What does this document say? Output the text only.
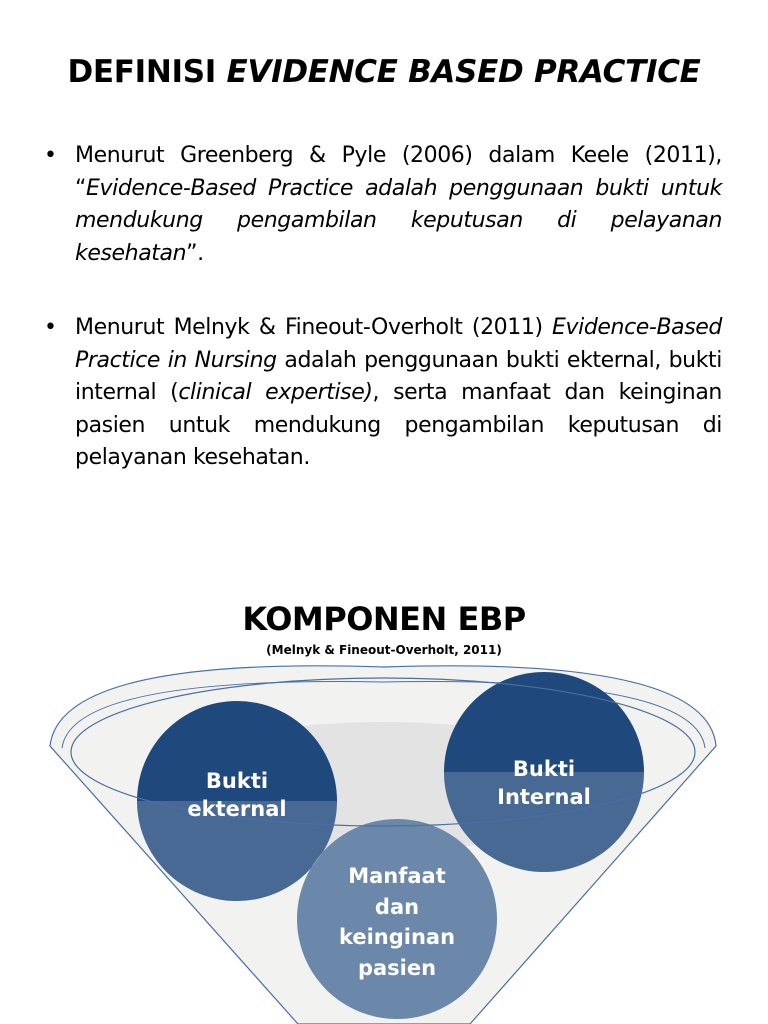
DEFINISI EVIDENCE BASED PRACTICE
• Menurut Greenberg & Pyle (2006) dalam Keele (2011), “Evidence-Based Practice adalah penggunaan bukti untuk mendukung pengambilan keputusan di pelayanan kesehatan”.
• Menurut Melnyk & Fineout-Overholt (2011) Evidence-Based Practice in Nursing adalah penggunaan bukti ekternal, bukti internal (clinical expertise), serta manfaat dan keinginan pasien untuk mendukung pengambilan keputusan di pelayanan kesehatan.
KOMPONEN EBP
(Melnyk & Fineout-Overholt, 2011)
Bukti
ekternal
Bukti
Internal
Manfaat
dan
keinginan
pasien
